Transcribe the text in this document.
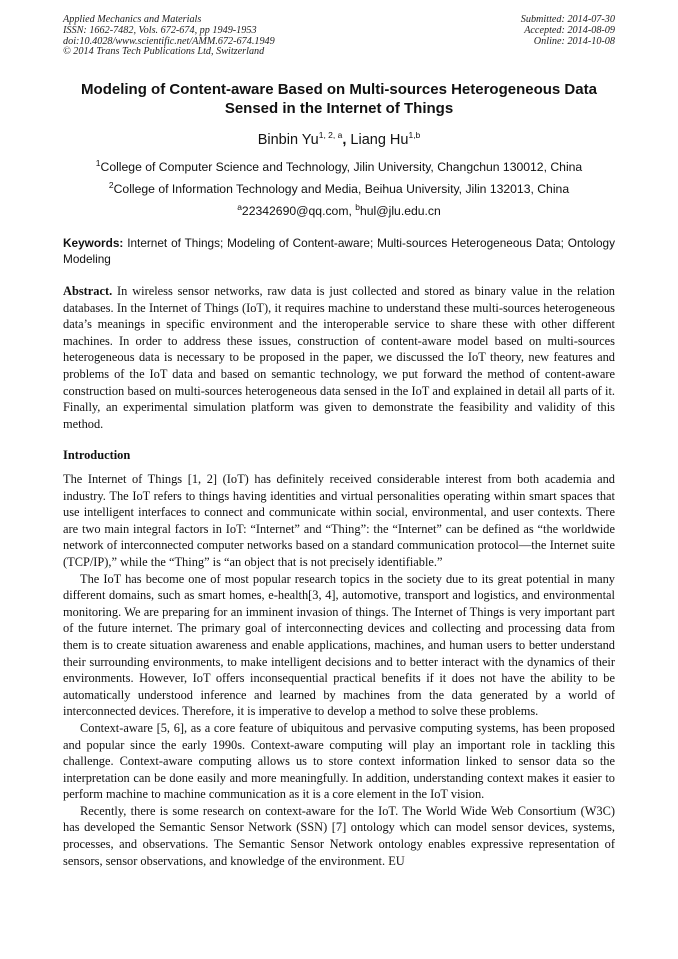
Applied Mechanics and Materials
ISSN: 1662-7482, Vols. 672-674, pp 1949-1953
doi:10.4028/www.scientific.net/AMM.672-674.1949
© 2014 Trans Tech Publications Ltd, Switzerland
Submitted: 2014-07-30
Accepted: 2014-08-09
Online: 2014-10-08
Modeling of Content-aware Based on Multi-sources Heterogeneous Data Sensed in the Internet of Things
Binbin Yu$^{1, 2, a}$, Liang Hu$^{1,b}$
$^1$College of Computer Science and Technology, Jilin University, Changchun 130012, China
$^2$College of Information Technology and Media, Beihua University, Jilin 132013, China
$^a$22342690@qq.com, $^b$hul@jlu.edu.cn
Keywords: Internet of Things; Modeling of Content-aware; Multi-sources Heterogeneous Data; Ontology Modeling

Abstract. In wireless sensor networks, raw data is just collected and stored as binary value in the relation databases. In the Internet of Things (IoT), it requires machine to understand these multi-sources heterogeneous data’s meanings in specific environment and the interoperable service to share these with other different machines. In order to address these issues, construction of content-aware model based on multi-sources heterogeneous data is necessary to be proposed in the paper, we discussed the IoT theory, new features and problems of the IoT data and based on semantic technology, we put forward the method of content-aware construction based on multi-sources heterogeneous data sensed in the IoT and explained in detail all parts of it. Finally, an experimental simulation platform was given to demonstrate the feasibility and validity of this method.

Introduction

The Internet of Things [1, 2] (IoT) has definitely received considerable interest from both academia and industry. The IoT refers to things having identities and virtual personalities operating within smart spaces that use intelligent interfaces to connect and communicate within social, environmental, and user contexts. There are two main integral factors in IoT: “Internet” and “Thing”: the “Internet” can be defined as “the worldwide network of interconnected computer networks based on a standard communication protocol—the Internet suite (TCP/IP),” while the “Thing” is “an object that is not precisely identifiable.”

The IoT has become one of most popular research topics in the society due to its great potential in many different domains, such as smart homes, e-health[3, 4], automotive, transport and logistics, and environmental monitoring. We are preparing for an imminent invasion of things. The Internet of Things is very important part of the future internet. The primary goal of interconnecting devices and collecting and processing data from them is to create situation awareness and enable applications, machines, and human users to better understand their surrounding environments, to make intelligent decisions and to better interact with the dynamics of their environments. However, IoT offers inconsequential practical benefits if it does not have the ability to be automatically understood inference and learned by machines from the data generated by a world of interconnected devices. Therefore, it is imperative to develop a method to solve these problems.

Context-aware [5, 6], as a core feature of ubiquitous and pervasive computing systems, has been proposed and popular since the early 1990s. Context-aware computing will play an important role in tackling this challenge. Context-aware computing allows us to store context information linked to sensor data so the interpretation can be done easily and more meaningfully. In addition, understanding context makes it easier to perform machine to machine communication as it is a core element in the IoT vision.

Recently, there is some research on context-aware for the IoT. The World Wide Web Consortium (W3C) has developed the Semantic Sensor Network (SSN) [7] ontology which can model sensor devices, systems, processes, and observations. The Semantic Sensor Network ontology enables expressive representation of sensors, sensor observations, and knowledge of the environment. EU
